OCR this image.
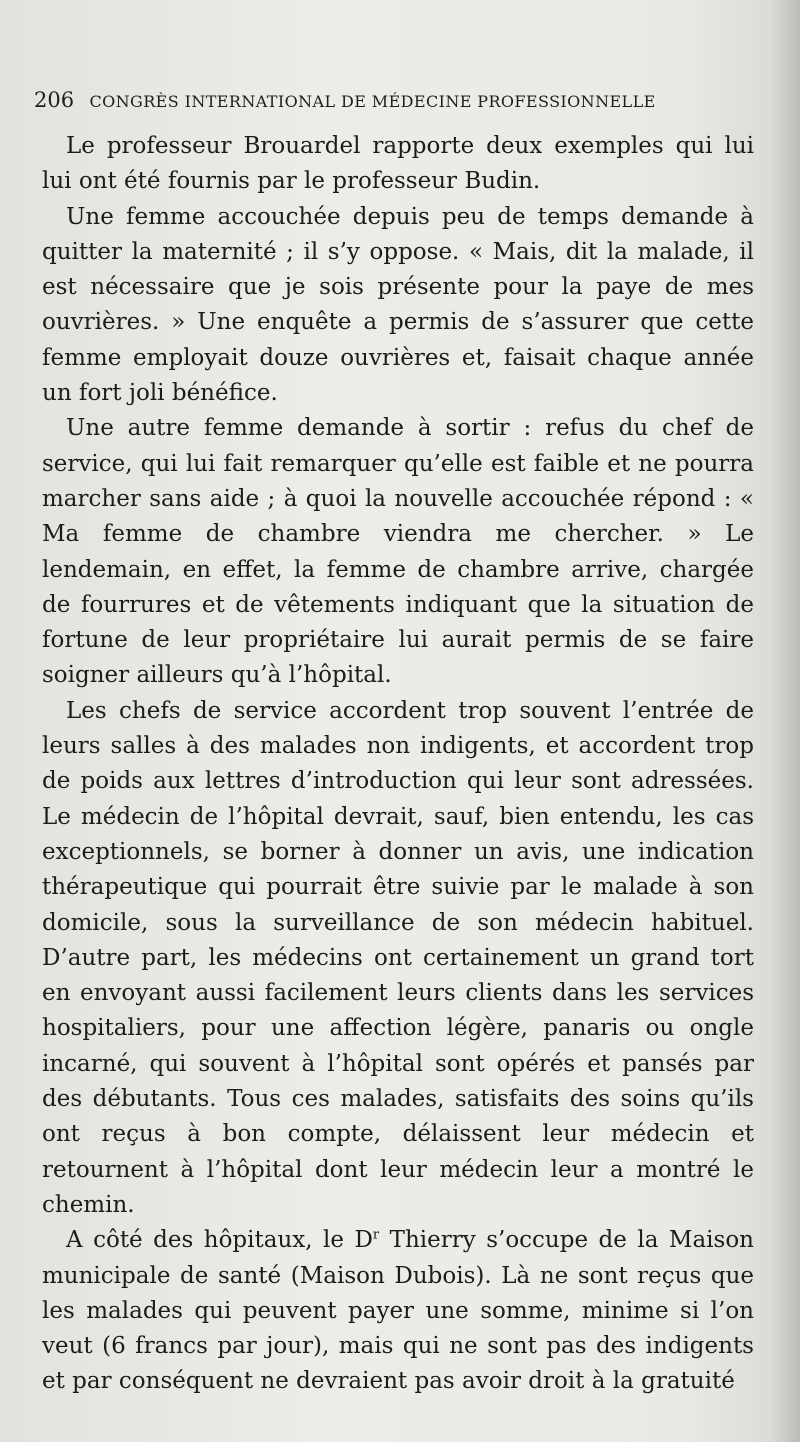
206 CONGRÈS INTERNATIONAL DE MÉDECINE PROFESSIONNELLE

Le professeur Brouardel rapporte deux exemples qui lui lui ont été fournis par le professeur Budin.

Une femme accouchée depuis peu de temps demande à quitter la maternité ; il s’y oppose. « Mais, dit la malade, il est nécessaire que je sois présente pour la paye de mes ouvrières. » Une enquête a permis de s’assurer que cette femme employait douze ouvrières et, faisait chaque année un fort joli bénéfice.

Une autre femme demande à sortir : refus du chef de service, qui lui fait remarquer qu’elle est faible et ne pourra marcher sans aide ; à quoi la nouvelle accouchée répond : « Ma femme de chambre viendra me chercher. » Le lendemain, en effet, la femme de chambre arrive, chargée de fourrures et de vêtements indiquant que la situation de fortune de leur propriétaire lui aurait permis de se faire soigner ailleurs qu’à l’hôpital.

Les chefs de service accordent trop souvent l’entrée de leurs salles à des malades non indigents, et accordent trop de poids aux lettres d’introduction qui leur sont adressées. Le médecin de l’hôpital devrait, sauf, bien entendu, les cas exceptionnels, se borner à donner un avis, une indication thérapeutique qui pourrait être suivie par le malade à son domicile, sous la surveillance de son médecin habituel. D’autre part, les médecins ont certainement un grand tort en envoyant aussi facilement leurs clients dans les services hospitaliers, pour une affection légère, panaris ou ongle incarné, qui souvent à l’hôpital sont opérés et pansés par des débutants. Tous ces malades, satisfaits des soins qu’ils ont reçus à bon compte, délaissent leur médecin et retournent à l’hôpital dont leur médecin leur a montré le chemin.

A côté des hôpitaux, le $D^r$ Thierry s’occupe de la Maison municipale de santé (Maison Dubois). Là ne sont reçus que les malades qui peuvent payer une somme, minime si l’on veut (6 francs par jour), mais qui ne sont pas des indigents et par conséquent ne devraient pas avoir droit à la gratuité
